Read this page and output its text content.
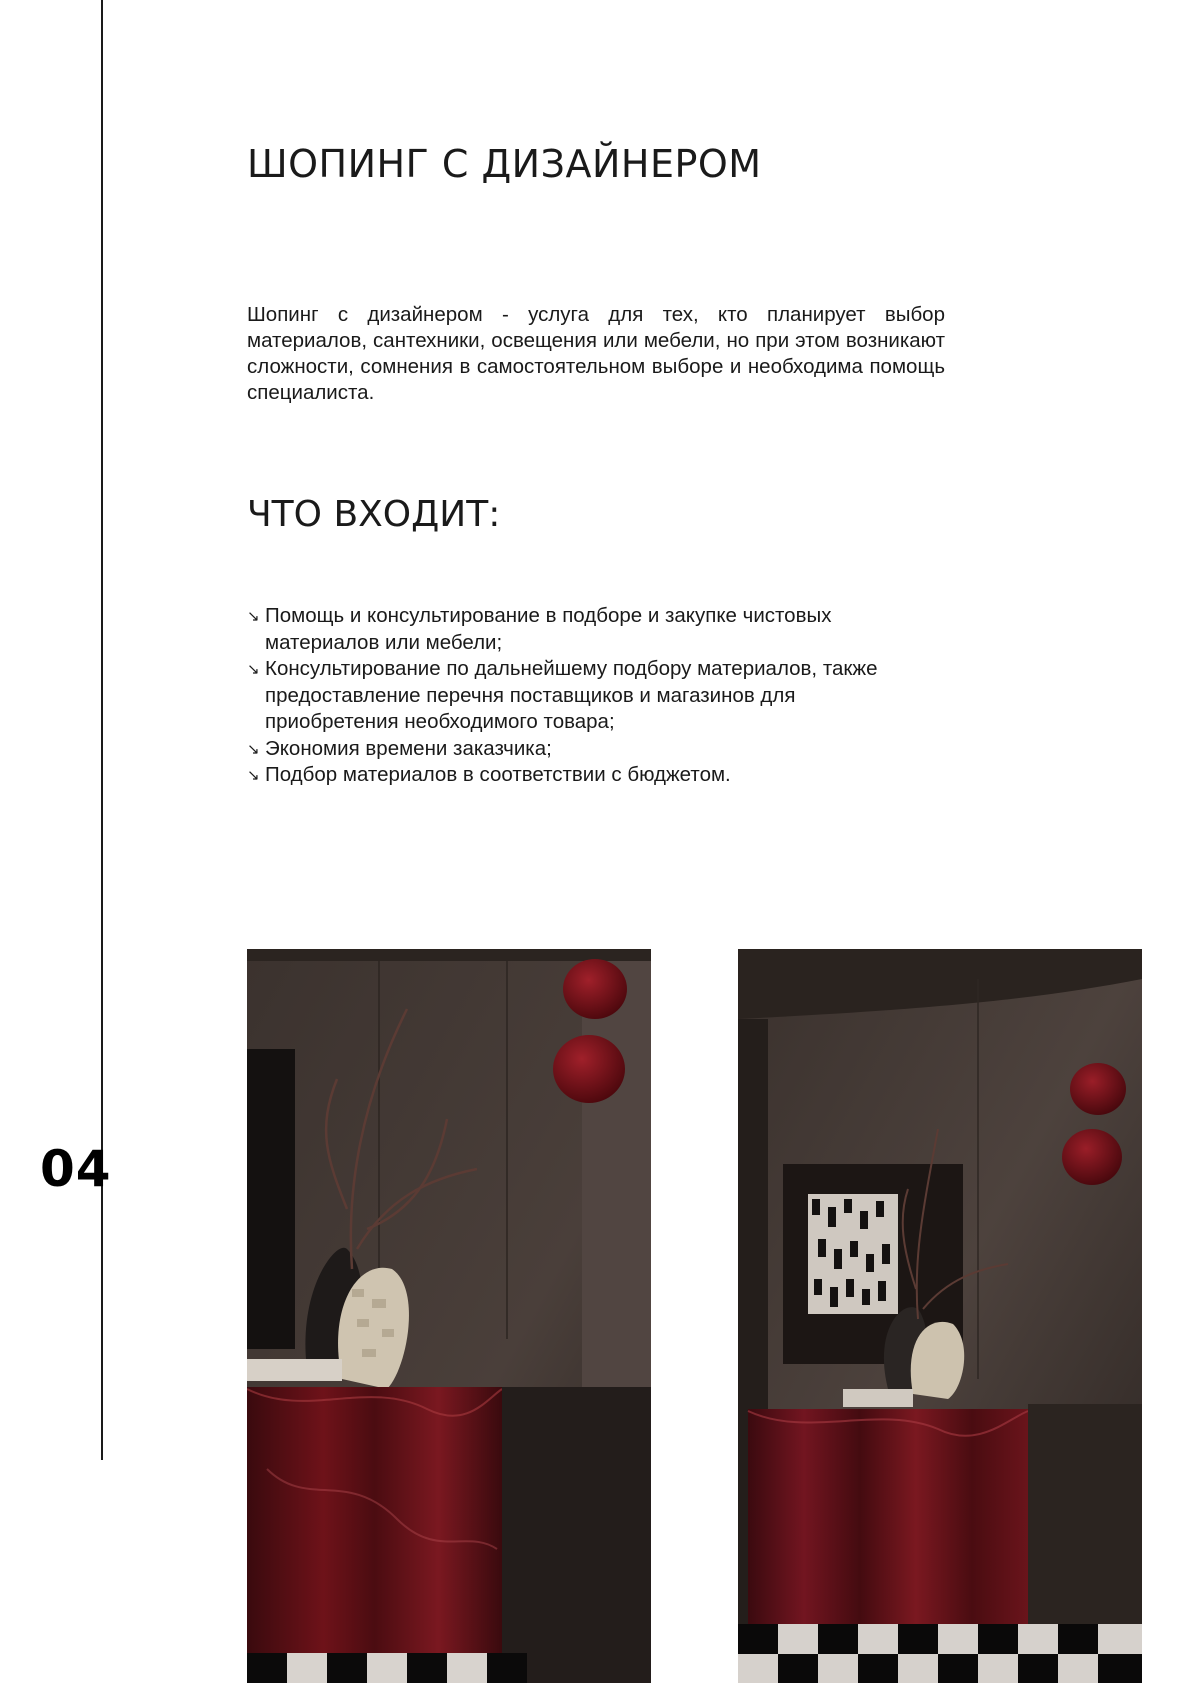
ШОПИНГ С ДИЗАЙНЕРОМ

Шопинг с дизайнером - услуга для тех, кто планирует выбор материалов, сантехники, освещения или мебели, но при этом возникают сложности, сомнения в самостоятельном выборе и необходима помощь специалиста.

ЧТО ВХОДИТ:
↘ Помощь и консультирование в подборе и закупке чистовых материалов или мебели;
↘ Консультирование по дальнейшему подбору материалов, также предоставление перечня поставщиков и магазинов для приобретения необходимого товара;
↘ Экономия времени заказчика;
↘ Подбор материалов в соответствии с бюджетом.
04
